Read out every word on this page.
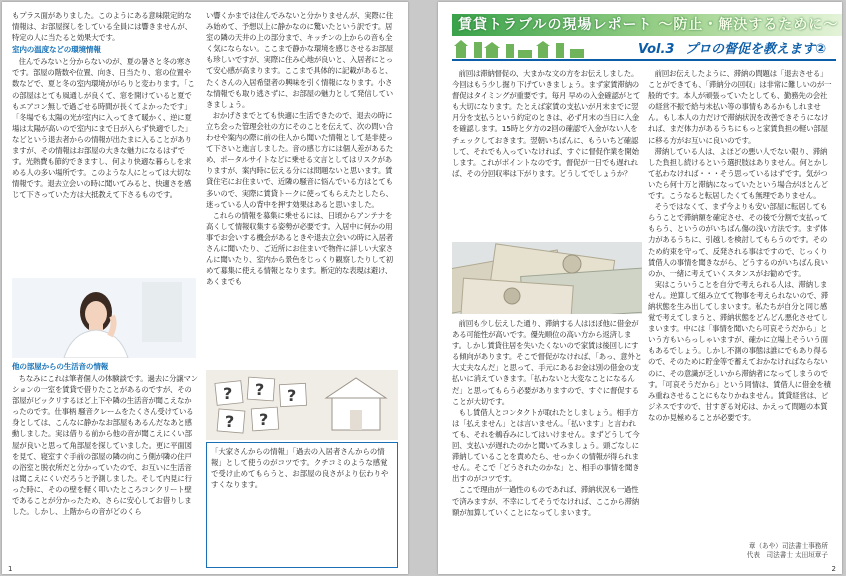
もプラス面がありました。このようにある意味限定的な情報は、お部屋探しをしている全員には響きませんが、特定の人に当たると効果大です。

室内の温度などの環境情報

住んでみないと分からないのが、夏の暑さと冬の寒さです。部屋の階数や位置、向き、日当たり、窓の位置や数などで、夏と冬の室内環境ががらりと変わります。「この部屋はとても風通しが良くて、窓を開けていると夏でもエアコン無しで過ごせる時間が長くてよかったです」「冬場でも太陽の光が室内に入ってきて暖かく、逆に夏場は太陽が高いので室内にまで日が入らず快適でした」などという退去者からの情報が出たまに入ることがありますが、その情報はお部屋の大きな魅力になるはずです。光熱費も節約できますし、何より快適な暮らしを求める人の多い場所です。このような人にとっては大切な情報です。退去立会いの時に聞いてみると、快適さを感じて下さっていた方は大抵教えて下さるものです。

他の部屋からの生活音の情報

ちなみにこれは筆者個人の体験談です。過去に分譲マンションの一室を賃貸で借りたことがあるのですが、その部屋がビックリするほど上下や隣の生活音が聞こえなかったのです。仕事柄 騒音クレームをたくさん受けている身としては、こんなに静かなお部屋もあるんだなあと感動しました。実は借りる前から他の音が聞こえにくい部屋が良いと思って角部屋を探していました。更に平面図を見て、寝室すぐ手前の部屋の隣の向こう側が隣の住戸の浴室と脱衣所だと分かっていたので、お互いに生活音は聞こえにくいだろうと予測しました。そして内見に行った時に、そのの壁を軽く叩いたところコンクリート壁であることが分かったため、さらに安心してお借りしました。しかし、上階からの音がどのくら

い響くかまでは住んでみないと分かりませんが、実際に住み始めて、予想以上に静かなのに驚いたという訳です。居室の隣の天井の上の部分まで、キッチンの上からの音も全く気にならない。ここまで静かな環境を感じさせるお部屋も珍しいですが、実際に住み心地が良いと、入居者にとって安心感が高まります。ここまで具体的に記載があると、たくさんの入居希望者の興味を引く情報になります。小さな情報でも取り逃さずに、お部屋の魅力として発信していきましょう。

おかげさまでとても快適に生活できたので、退去の時に立ち会った管理会社の方にそのことを伝えて、次の問い合わせや案内の際に前の住人から聞いた情報として是非使って下さいと進言しました。音の感じ方には個人差があるため、ポータルサイトなどに乗せる文言としてはリスクがありますが、案内時に伝える分には問題ないと思います。賃貸住宅にお住まいで、近隣の騒音に悩んでいる方はとても多いので、実際に賃貸トークに使ってもらえたとしたら、迷っている人の背中を押す効果はあると思いました。

これらの情報を募集に乗せるには、日頃からアンテナを高くして情報収集する姿勢が必要です。入居中に何かの用事でお会いする機会があるときや退去立会いの時に入居者さんに聞いたり、ご近所にお住まいで物件に詳しい大家さんに聞いたり、室内から景色をじっくり観察したりして初めて募集に使える情報となります。断定的な表現は避け、あくまでも

? ? ?
? ?
「大家さんからの情報」「過去の入居者さんからの情報」として使うのがコツです。クチコミのような感覚で受け止めてもらうと、お部屋の良さがより伝わりやすくなります。
1
賃貸トラブルの現場レポート ～防止・解決するために～
Vol.3 プロの督促を教えます②

前回は滞納督促の、大まかな文の方をお伝えしました。今回はもう少し掘り下げていきましょう。まず家賃滞納の督促はタイミングが重要です。毎月 早めの入金確認がとても大切になります。たとえば家賃の支払いが月末までに翌月分を支払うという約定のときは、必ず月末の当日に入金を確認します。15時と夕方の2回の確認で入金がない人をチェックしておきます。翌朝いちばんに、もういちど確認して、それでも入っていなければ、すぐに督促作業を開始します。これがポイントなのです。督促が一日でも遅れれば、その分回収率は下がります。どうしてでしょうか？

前回も少し伝えした通り、滞納する人はほぼ他に借金がある可能性が高いです。優先順位の高い方から返済します。しかし賃貸住居を失いたくないので家賃は後回しにする傾向があります。そこで督促がなければ、「あっ、意外と大丈夫なんだ」と思って、手元にあるお金は別の借金の支払いに消えていきます。「払わないと大変なことになるんだ」と思ってもらう必要がありますので、すぐに督促することが大切です。

もし賃借人とコンタクトが取れたとしましょう。相手方は「払えません」とは言いません。「払います」と言われても、それを鵜呑みにしてはいけません。まずどうして今回、支払いが遅れたのかと聞いてみましょう。頭ごなしに滞納していることを責めたら、せっかくの情報が得られません。そこで「どうされたのかな」と、相手の事情を聞き出すのがコツです。

ここで理由が一過性のものであれば、滞納状況も一過性で済みますが、不幸にしてそうでなければ、ここから滞納額が加算していくことになってしまいます。

前回お伝えしたように、滞納の問題は「退去させる」ことができても、「滞納分の回収」は非常に難しいのが一般的です。本人が頑張っていたとしても、勤務先の会社の経営不振で給与未払い等の事情もあるかもしれません。もし本人の力だけで滞納状況を改善できそうになければ、まだ体力があるうちにもっと家賃負担の軽い部屋に移る方がお互いに良いのです。

滞納している人は、よほどの悪い人でない限り、滞納した負担し続けるという選択肢はありません。何とかして払わなければ・・・そう思っているはずです。気がついたら何十万と滞納になっていたという場合がほとんどです。こうなると転居したくても無理でありません。

そうではなくて、まず今よりも安い部屋に転居してもらうことで滞納額を確定させ、その後で分割で支払ってもらう、というのがいちばん傷の浅い方法です。まず体力があるうちに、引越しを検討してもらうのです。そのため約束を守って、反発される事はですので、じっくり賃借人の事情を聞きながら、どうするのがいちばん良いのか、一緒に考えていくスタンスがお勧めです。

実はこういうことを自分で考えられる人は、滞納しません。逆算して組み立てて物事を考えられないので、滞納状態を生み出してしまいます。私たちが自分と同じ感覚で考えてしまうと、滞納状態をどんどん悪化させてしまいます。中には「事情を聞いたら可哀そうだから」という方もいらっしゃいますが、確かに立場上そういう面もあるでしょう。しかし不測の事態は誰にでもあり得るので、そのために貯金等で蓄えておかなければならないのに、その意識が乏しいから滞納者になってしまうのです。「可哀そうだから」という同情は、賃借人に借金を積み重ねさせることにもなりかねません。賃貸経営は、ビジネスですので、甘すぎる対応は、かえって問題の本質なのか見極めることが必要です。

章（あや）司法書士事務所
代表　司法書士 太田垣章子
2
